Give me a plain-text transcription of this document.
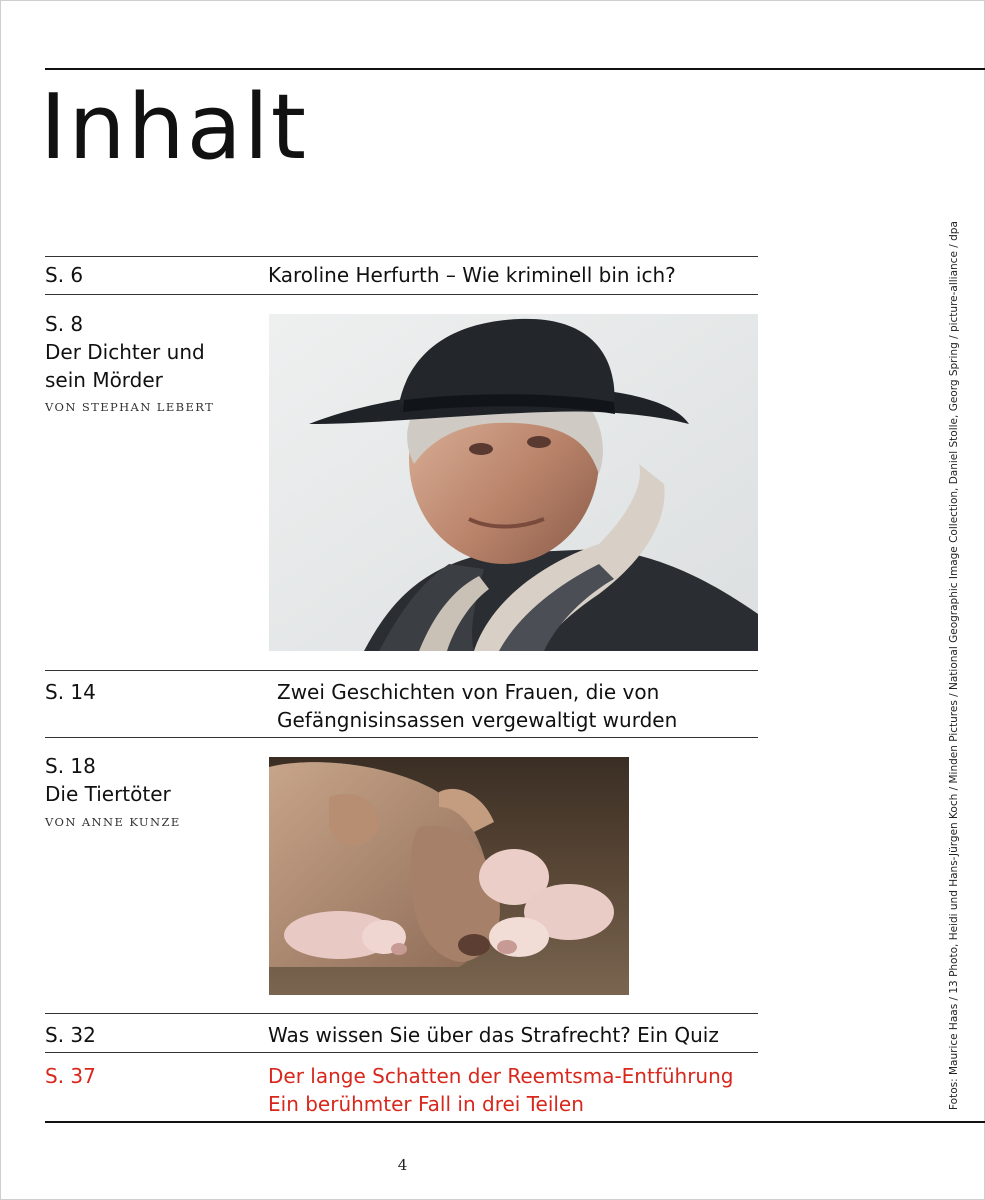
Inhalt
S. 6	Karoline Herfurth – Wie kriminell bin ich?
S. 8
Der Dichter und
sein Mörder
VON STEPHAN LEBERT
S. 14	Zwei Geschichten von Frauen, die von
Gefängnisinsassen vergewaltigt wurden
S. 18
Die Tiertöter
VON ANNE KUNZE
S. 32	Was wissen Sie über das Strafrecht? Ein Quiz
S. 37	Der lange Schatten der Reemtsma-Entführung
Ein berühmter Fall in drei Teilen	Fotos: Maurice Haas / 13 Photo, Heidi und Hans-Jürgen Koch / Minden Pictures / National Geographic Image Collection, Daniel Stolle, Georg Spring / picture-alliance / dpa
4
